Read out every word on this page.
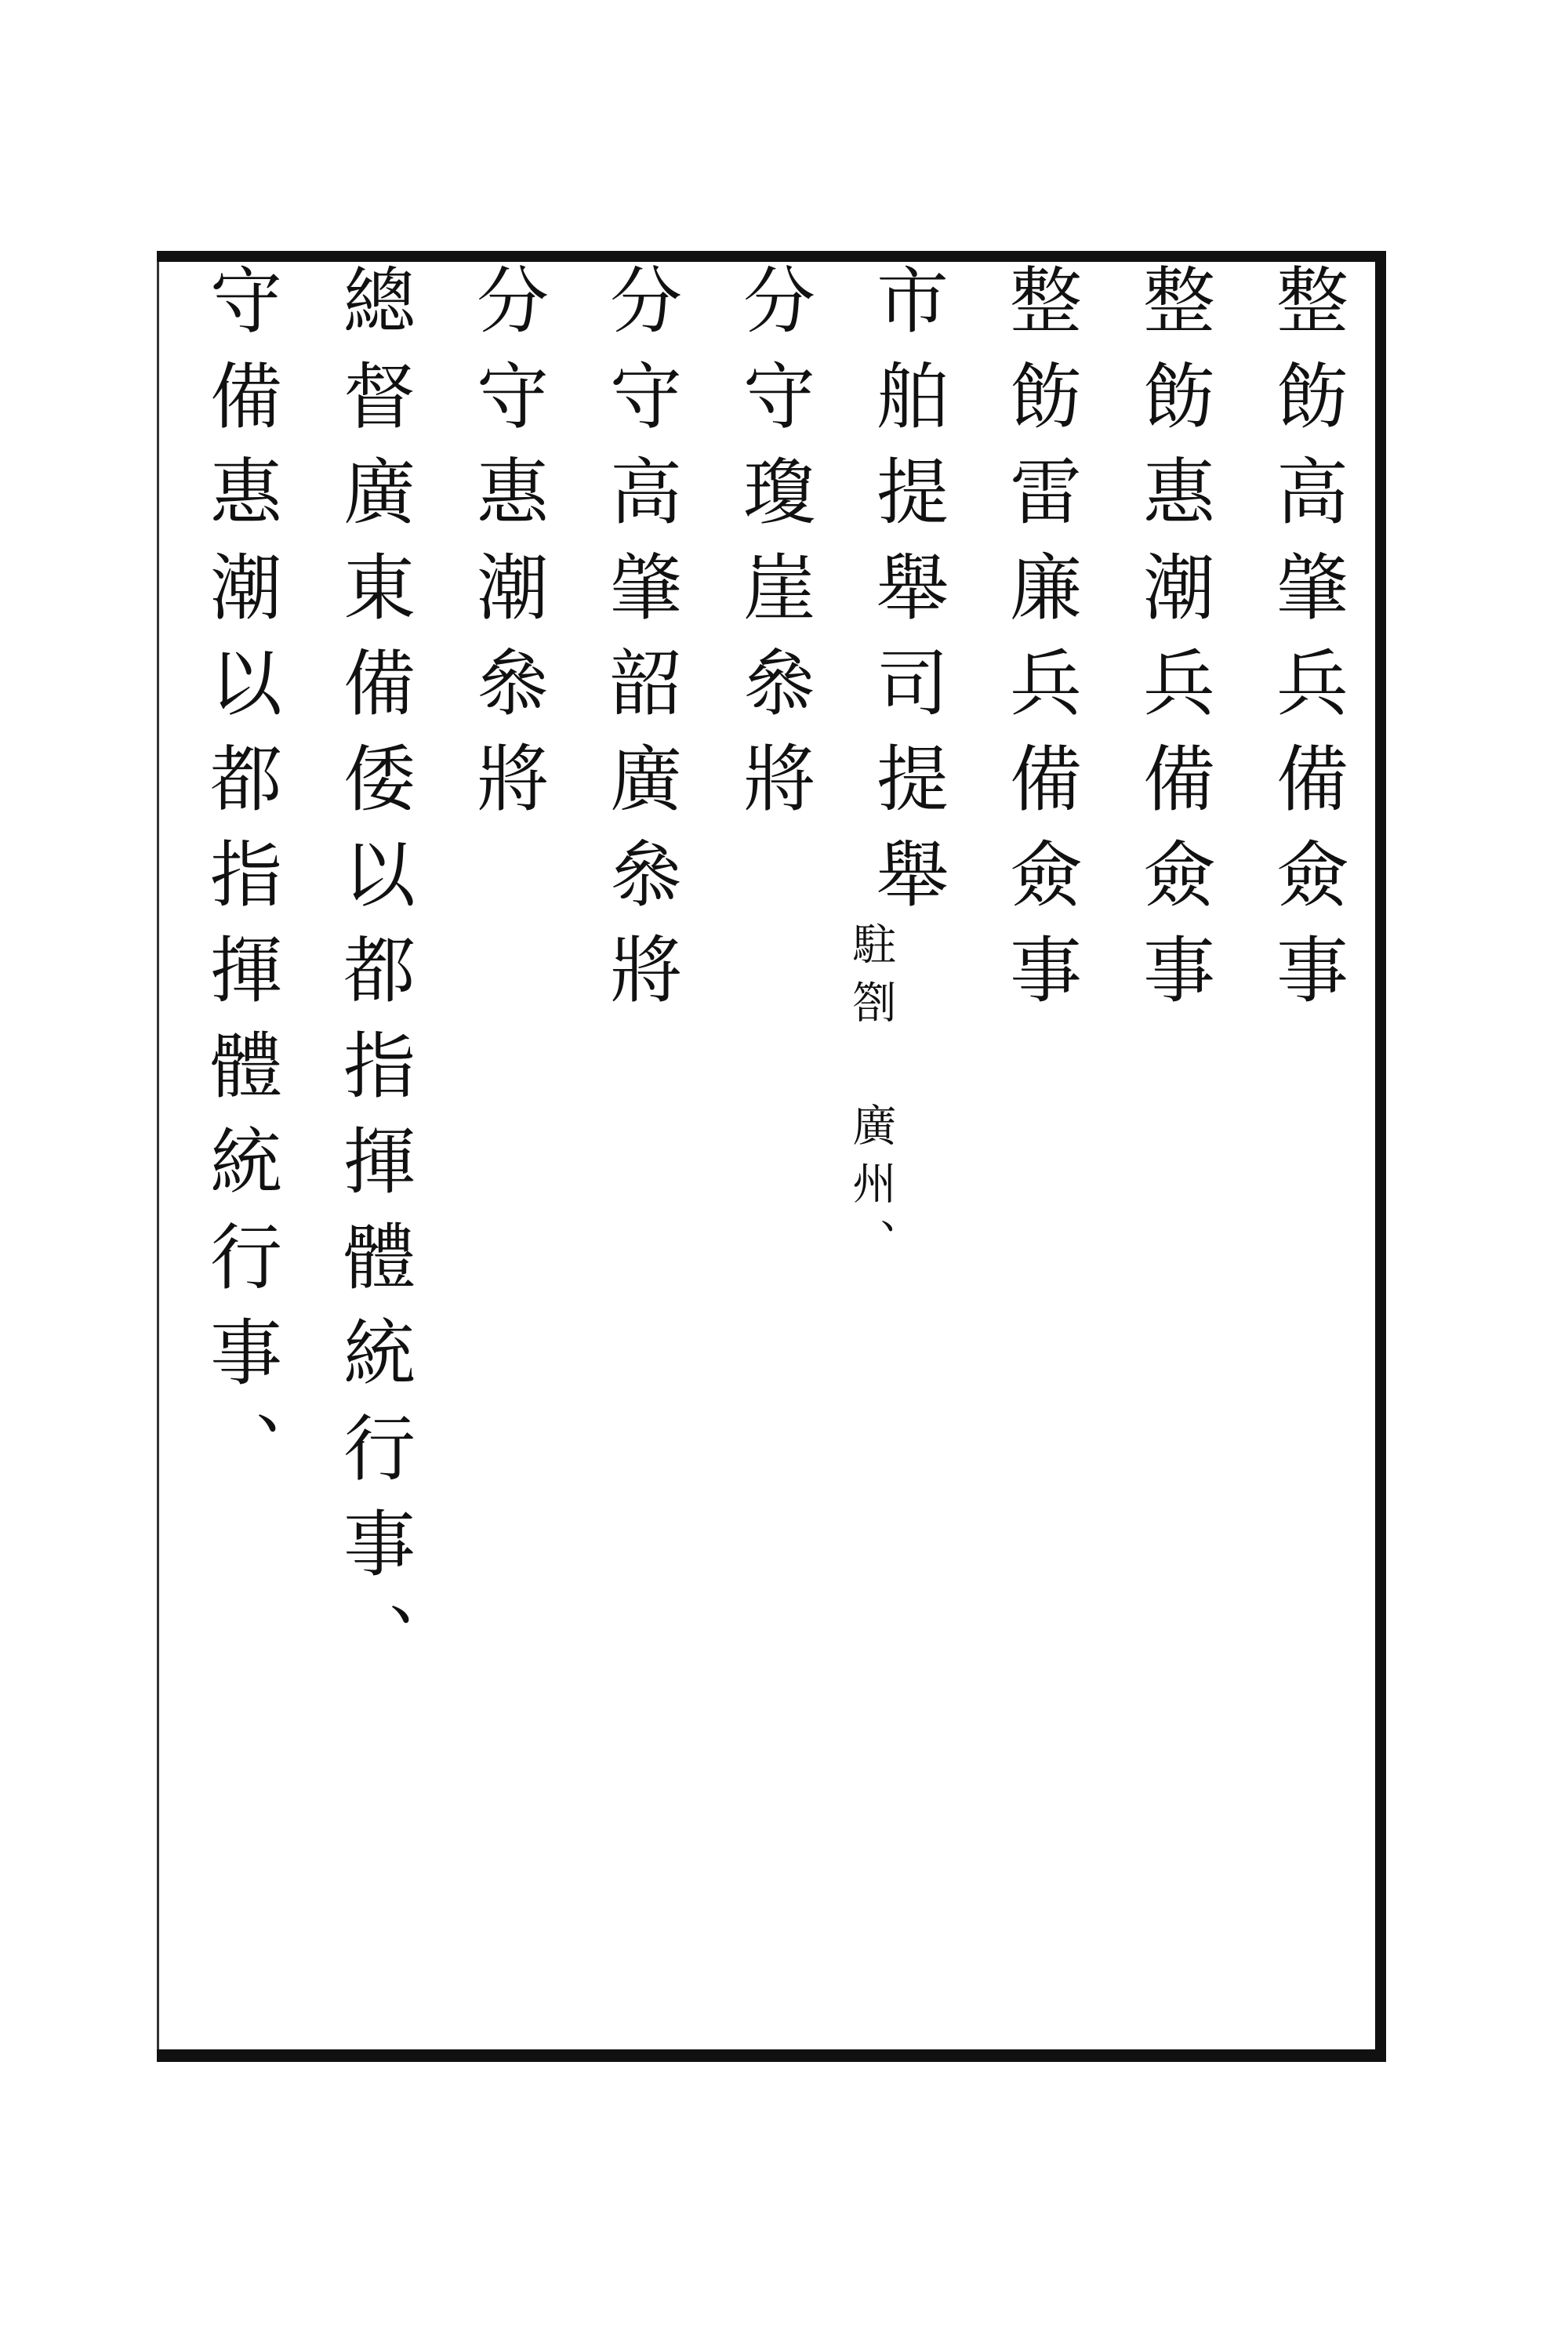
整飭高肇兵備僉事
整飭惠潮兵備僉事
整飭雷廉兵備僉事
市舶提舉司提舉
駐劄 廣州、
分守瓊崖叅將
分守高肇韶廣叅將
分守惠潮叅將
總督廣東備倭以都指揮體統行事、
守備惠潮以都指揮體統行事、
